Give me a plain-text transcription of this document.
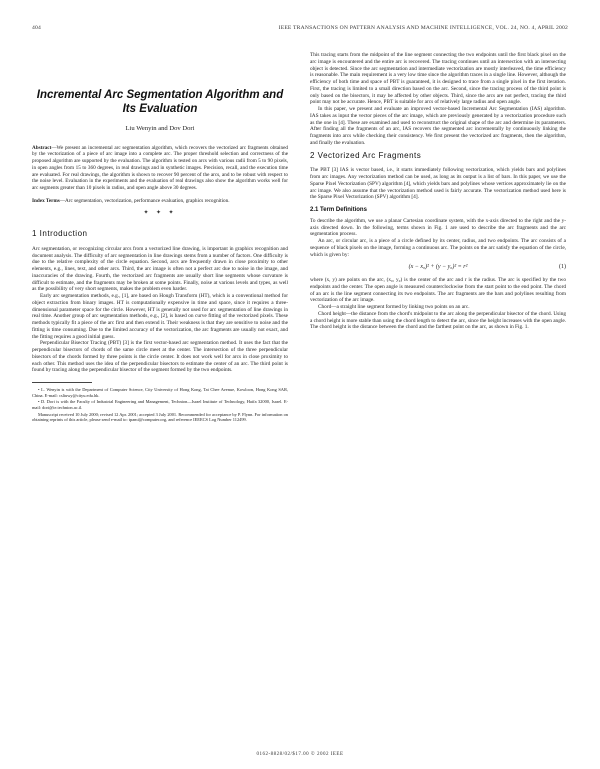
404	IEEE TRANSACTIONS ON PATTERN ANALYSIS AND MACHINE INTELLIGENCE, VOL. 24, NO. 4, APRIL 2002
Incremental Arc Segmentation Algorithm and Its Evaluation
Liu Wenyin and Dov Dori
Abstract—We present an incremental arc segmentation algorithm, which recovers the vectorized arc fragments obtained by the vectorization of a piece of arc image into a complete arc. The proper threshold selection and correctness of the proposed algorithm are supported by the evaluation. The algorithm is tested on arcs with various radii from 5 to 90 pixels, in open angles from 15 to 360 degrees, in real drawings and in synthetic images. Precision, recall, and the execution time are evaluated. For real drawings, the algorithm is shown to recover 90 percent of the arcs, and to be robust with respect to the noise level. Evaluation in the experiments and the evaluation of real drawings also show the algorithm works well for arc segments greater than 10 pixels in radius, and open angle above 30 degrees.
Index Terms—Arc segmentation, vectorization, performance evaluation, graphics recognition.
✦ ✦ ✦
1 Introduction

Arc segmentation, or recognizing circular arcs from a vectorized line drawing, is important in graphics recognition and document analysis. The difficulty of arc segmentation in line drawings stems from a number of factors. One difficulty is due to the relative complexity of the circle equation. Second, arcs are frequently drawn in close proximity to other elements, e.g., lines, text, and other arcs. Third, the arc image is often not a perfect arc due to noise in the image, and inaccuracies of the drawing. Fourth, the vectorized arc fragments are usually short line segments whose curvature is difficult to estimate, and the fragments may be broken at some points. Finally, noise at various levels and types, as well as the possibility of very short segments, makes the problem even harder.

Early arc segmentation methods, e.g., [1], are based on Hough Transform (HT), which is a conventional method for object extraction from binary images. HT is computationally expensive in time and space, since it requires a three-dimensional parameter space for the circle. However, HT is generally not used for arc segmentation of line drawings in real time. Another group of arc segmentation methods, e.g., [2], is based on curve fitting of the vectorized pixels. These methods typically fit a piece of the arc first and then extend it. Their weakness is that they are sensitive to noise and the fitting is time consuming. Due to the limited accuracy of the vectorization, the arc fragments are usually not exact, and the fitting requires a good initial guess.

Perpendicular Bisector Tracing (PBT) [3] is the first vector-based arc segmentation method. It uses the fact that the perpendicular bisectors of chords of the same circle meet at the center. The intersection of the three perpendicular bisectors of the chords formed by three points is the circle center. It does not work well for arcs in close proximity to each other. This method uses the idea of the perpendicular bisectors to estimate the center of an arc. The third point is found by tracing along the perpendicular bisector of the segment formed by the two endpoints.

• L. Wenyin is with the Department of Computer Science, City University of Hong Kong, Tat Chee Avenue, Kowloon, Hong Kong SAR, China. E-mail: csliuwy@cityu.edu.hk.

• D. Dori is with the Faculty of Industrial Engineering and Management, Technion—Israel Institute of Technology, Haifa 32000, Israel. E-mail: dori@ie.technion.ac.il.

Manuscript received 10 July 2000; revised 12 Apr. 2001; accepted 3 July 2001. Recommended for acceptance by P. Flynn. For information on obtaining reprints of this article, please send e-mail to: tpami@computer.org, and reference IEEECS Log Number 112499.

This tracing starts from the midpoint of the line segment connecting the two endpoints until the first black pixel on the arc image is encountered and the entire arc is recovered. The tracing continues until an intersection with an intersecting object is detected. Since the arc segmentation and intermediate vectorization are mostly interleaved, the time efficiency is reasonable. The main requirement is a very low time since the algorithm traces in a single line. However, although the efficiency of both time and space of PBT is guaranteed, it is designed to trace from a single pixel in the first iteration. First, the tracing is limited to a small direction based on the arc. Second, since the tracing process of the third point is only based on the bisectors, it may be affected by other objects. Third, since the arcs are not perfect, tracing the third point may not be accurate. Hence, PBT is suitable for arcs of relatively large radius and open angle.

In this paper, we present and evaluate an improved vector-based Incremental Arc Segmentation (IAS) algorithm. IAS takes as input the vector pieces of the arc image, which are previously generated by a vectorization procedure such as the one in [4]. These are examined and used to reconstruct the original shape of the arc and determine its parameters. After finding all the fragments of an arc, IAS recovers the segmented arc incrementally by continuously linking the fragments into arcs while checking their consistency. We first present the vectorized arc fragments, then the algorithm, and finally the evaluation.

2 Vectorized Arc Fragments

The PBT [3] IAS is vector based, i.e., it starts immediately following vectorization, which yields bars and polylines from arc images. Any vectorization method can be used, as long as its output is a list of bars. In this paper, we use the Sparse Pixel Vectorization (SPV) algorithm [4], which yields bars and polylines whose vertices approximately lie on the arc image. We also assume that the vectorization method used is fairly accurate. The vectorization method used here is the Sparse Pixel Vectorization (SPV) algorithm [4].

2.1 Term Definitions

To describe the algorithm, we use a planar Cartesian coordinate system, with the x-axis directed to the right and the y-axis directed down. In the following, terms shown in Fig. 1 are used to describe the arc fragments and the arc segmentation process.

An arc, or circular arc, is a piece of a circle defined by its center, radius, and two endpoints. The arc consists of a sequence of black pixels on the image, forming a continuous arc. The points on the arc satisfy the equation of the circle, which is given by:

(x − x₀)² + (y − y₀)² = r²	(1)

where (x, y) are points on the arc, (x₀, y₀) is the center of the arc and r is the radius. The arc is specified by the two endpoints and the center. The open angle is measured counterclockwise from the start point to the end point. The chord of an arc is the line segment connecting its two endpoints. The arc fragments are the bars and polylines resulting from vectorization of the arc image.

Chord—a straight line segment formed by linking two points on an arc.

Chord height—the distance from the chord's midpoint to the arc along the perpendicular bisector of the chord. Using a chord height is more stable than using the chord length to detect the arc, since the height increases with the open angle. The chord height is the distance between the chord and the farthest point on the arc, as shown in Fig. 1.

0162-8828/02/$17.00 © 2002 IEEE
